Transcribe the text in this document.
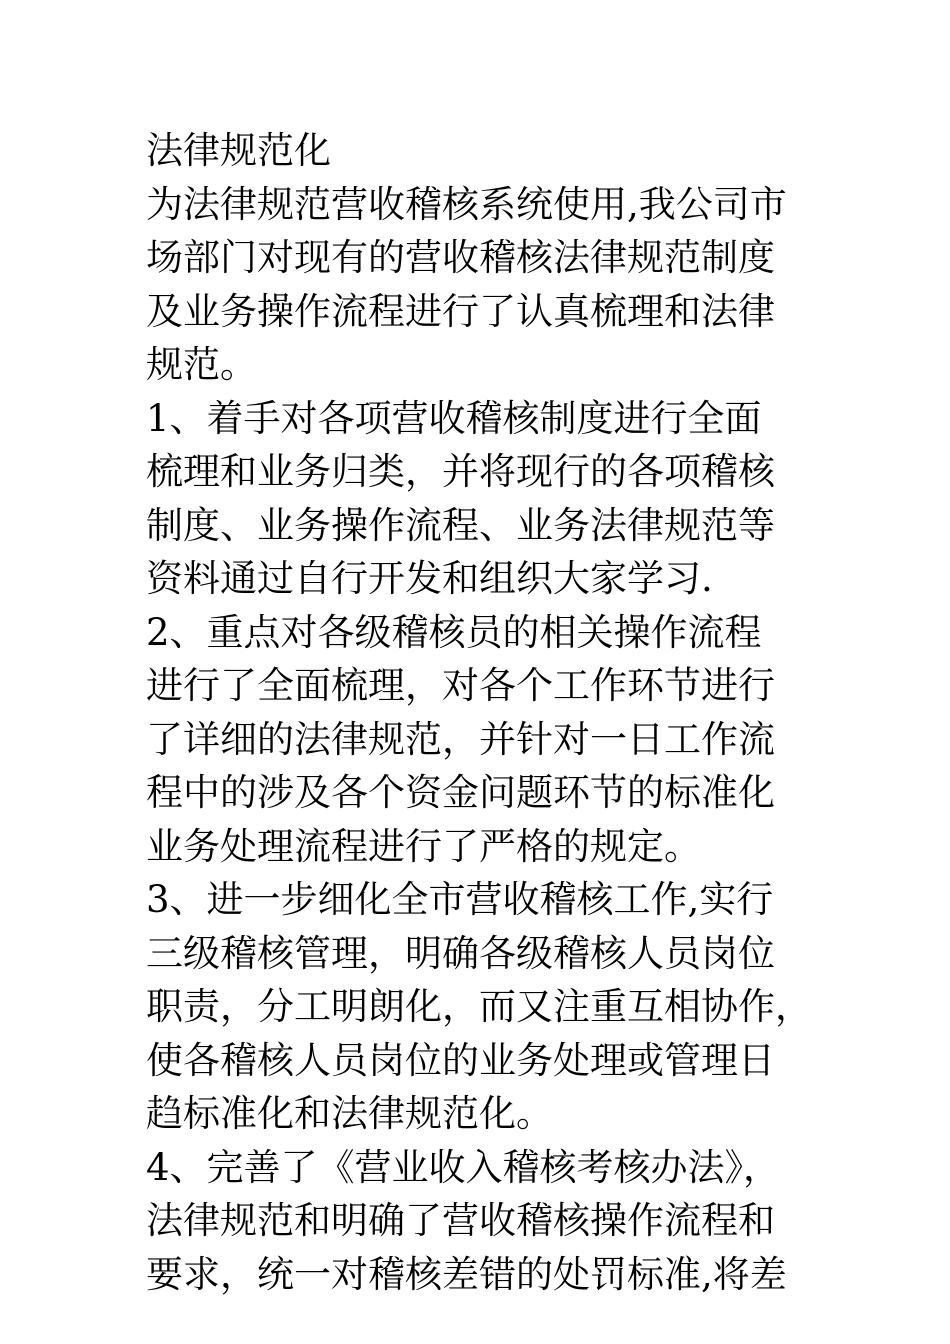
法律规范化
为法律规范营收稽核系统使用,我公司市
场部门对现有的营收稽核法律规范制度
及业务操作流程进行了认真梳理和法律
规范。
1、着手对各项营收稽核制度进行全面
梳理和业务归类，并将现行的各项稽核
制度、业务操作流程、业务法律规范等
资料通过自行开发和组织大家学习.
2、重点对各级稽核员的相关操作流程
进行了全面梳理，对各个工作环节进行
了详细的法律规范，并针对一日工作流
程中的涉及各个资金问题环节的标准化
业务处理流程进行了严格的规定。
3、进一步细化全市营收稽核工作,实行
三级稽核管理，明确各级稽核人员岗位
职责，分工明朗化，而又注重互相协作，
使各稽核人员岗位的业务处理或管理日
趋标准化和法律规范化。
4、完善了《营业收入稽核考核办法》，
法律规范和明确了营收稽核操作流程和
要求，统一对稽核差错的处罚标准,将差
